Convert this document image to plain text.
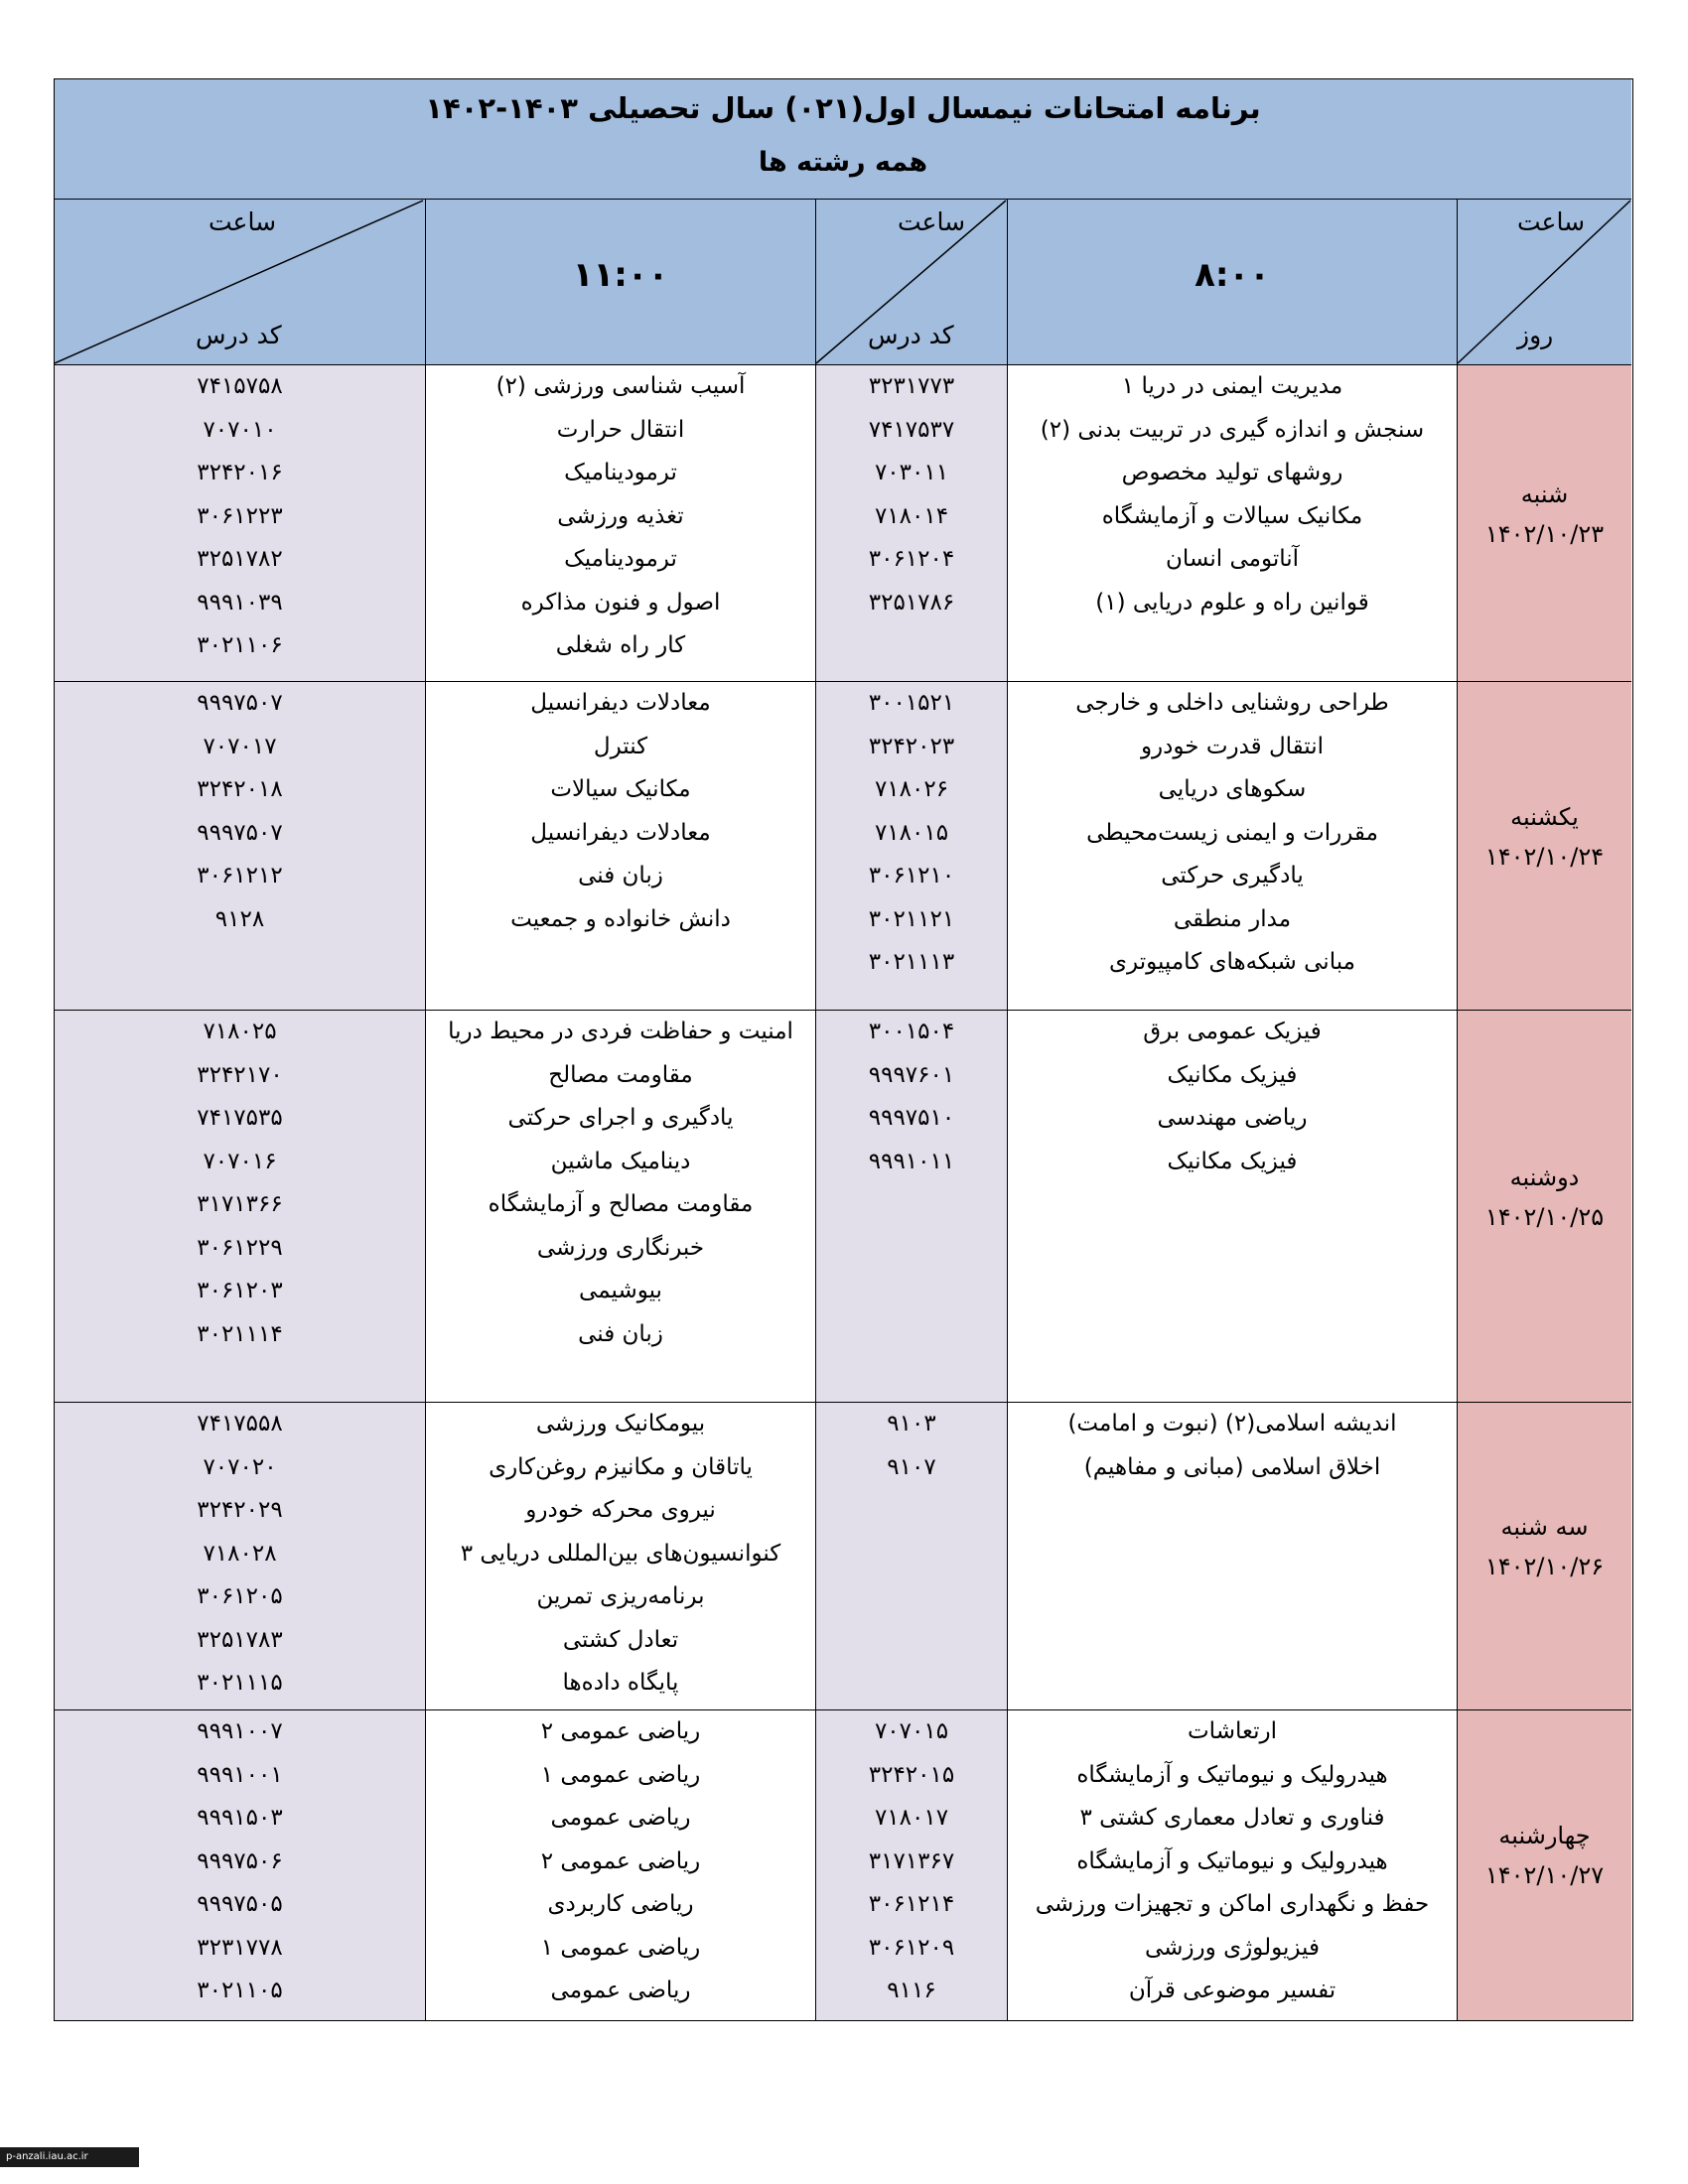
برنامه امتحانات نیمسال اول(۰۲۱) سال تحصیلی ۱۴۰۳-۱۴۰۲
همه رشته ها
ساعت
کد درس
۱۱:۰۰
ساعت
کد درس
۸:۰۰
ساعت
روز
۷۴۱۵۷۵۸
۷۰۷۰۱۰
۳۲۴۲۰۱۶
۳۰۶۱۲۲۳
۳۲۵۱۷۸۲
۹۹۹۱۰۳۹
۳۰۲۱۱۰۶
آسیب شناسی ورزشی (۲)
انتقال حرارت
ترمودینامیک
تغذیه ورزشی
ترمودینامیک
اصول و فنون مذاکره
کار راه شغلی
۳۲۳۱۷۷۳
۷۴۱۷۵۳۷
۷۰۳۰۱۱
۷۱۸۰۱۴
۳۰۶۱۲۰۴
۳۲۵۱۷۸۶
مدیریت ایمنی در دریا ۱
سنجش و اندازه گیری در تربیت بدنی (۲)
روشهای تولید مخصوص
مکانیک سیالات و آزمایشگاه
آناتومی انسان
قوانین راه و علوم دریایی (۱)
شنبه
۱۴۰۲/۱۰/۲۳
۹۹۹۷۵۰۷
۷۰۷۰۱۷
۳۲۴۲۰۱۸
۹۹۹۷۵۰۷
۳۰۶۱۲۱۲
۹۱۲۸
معادلات دیفرانسیل
کنترل
مکانیک سیالات
معادلات دیفرانسیل
زبان فنی
دانش خانواده و جمعیت
۳۰۰۱۵۲۱
۳۲۴۲۰۲۳
۷۱۸۰۲۶
۷۱۸۰۱۵
۳۰۶۱۲۱۰
۳۰۲۱۱۲۱
۳۰۲۱۱۱۳
طراحی روشنایی داخلی و خارجی
انتقال قدرت خودرو
سکوهای دریایی
مقررات و ایمنی زیست‌محیطی
یادگیری حرکتی
مدار منطقی
مبانی شبکه‌های کامپیوتری
یکشنبه
۱۴۰۲/۱۰/۲۴
۷۱۸۰۲۵
۳۲۴۲۱۷۰
۷۴۱۷۵۳۵
۷۰۷۰۱۶
۳۱۷۱۳۶۶
۳۰۶۱۲۲۹
۳۰۶۱۲۰۳
۳۰۲۱۱۱۴
امنیت و حفاظت فردی در محیط دریا
مقاومت مصالح
یادگیری و اجرای حرکتی
دینامیک ماشین
مقاومت مصالح و آزمایشگاه
خبرنگاری ورزشی
بیوشیمی
زبان فنی
۳۰۰۱۵۰۴
۹۹۹۷۶۰۱
۹۹۹۷۵۱۰
۹۹۹۱۰۱۱
فیزیک عمومی برق
فیزیک مکانیک
ریاضی مهندسی
فیزیک مکانیک
دوشنبه
۱۴۰۲/۱۰/۲۵
۷۴۱۷۵۵۸
۷۰۷۰۲۰
۳۲۴۲۰۲۹
۷۱۸۰۲۸
۳۰۶۱۲۰۵
۳۲۵۱۷۸۳
۳۰۲۱۱۱۵
بیومکانیک ورزشی
یاتاقان و مکانیزم روغن‌کاری
نیروی محرکه خودرو
کنوانسیون‌های بین‌المللی دریایی ۳
برنامه‌ریزی تمرین
تعادل کشتی
پایگاه داده‌ها
۹۱۰۳
۹۱۰۷
اندیشه اسلامی(۲) (نبوت و امامت)
اخلاق اسلامی (مبانی و مفاهیم)
سه شنبه
۱۴۰۲/۱۰/۲۶
۹۹۹۱۰۰۷
۹۹۹۱۰۰۱
۹۹۹۱۵۰۳
۹۹۹۷۵۰۶
۹۹۹۷۵۰۵
۳۲۳۱۷۷۸
۳۰۲۱۱۰۵
ریاضی عمومی ۲
ریاضی عمومی ۱
ریاضی عمومی
ریاضی عمومی ۲
ریاضی کاربردی
ریاضی عمومی ۱
ریاضی عمومی
۷۰۷۰۱۵
۳۲۴۲۰۱۵
۷۱۸۰۱۷
۳۱۷۱۳۶۷
۳۰۶۱۲۱۴
۳۰۶۱۲۰۹
۹۱۱۶
ارتعاشات
هیدرولیک و نیوماتیک و آزمایشگاه
فناوری و تعادل معماری کشتی ۳
هیدرولیک و نیوماتیک و آزمایشگاه
حفظ و نگهداری اماکن و تجهیزات ورزشی
فیزیولوژی ورزشی
تفسیر موضوعی قرآن
چهارشنبه
۱۴۰۲/۱۰/۲۷
p-anzali.iau.ac.ir
